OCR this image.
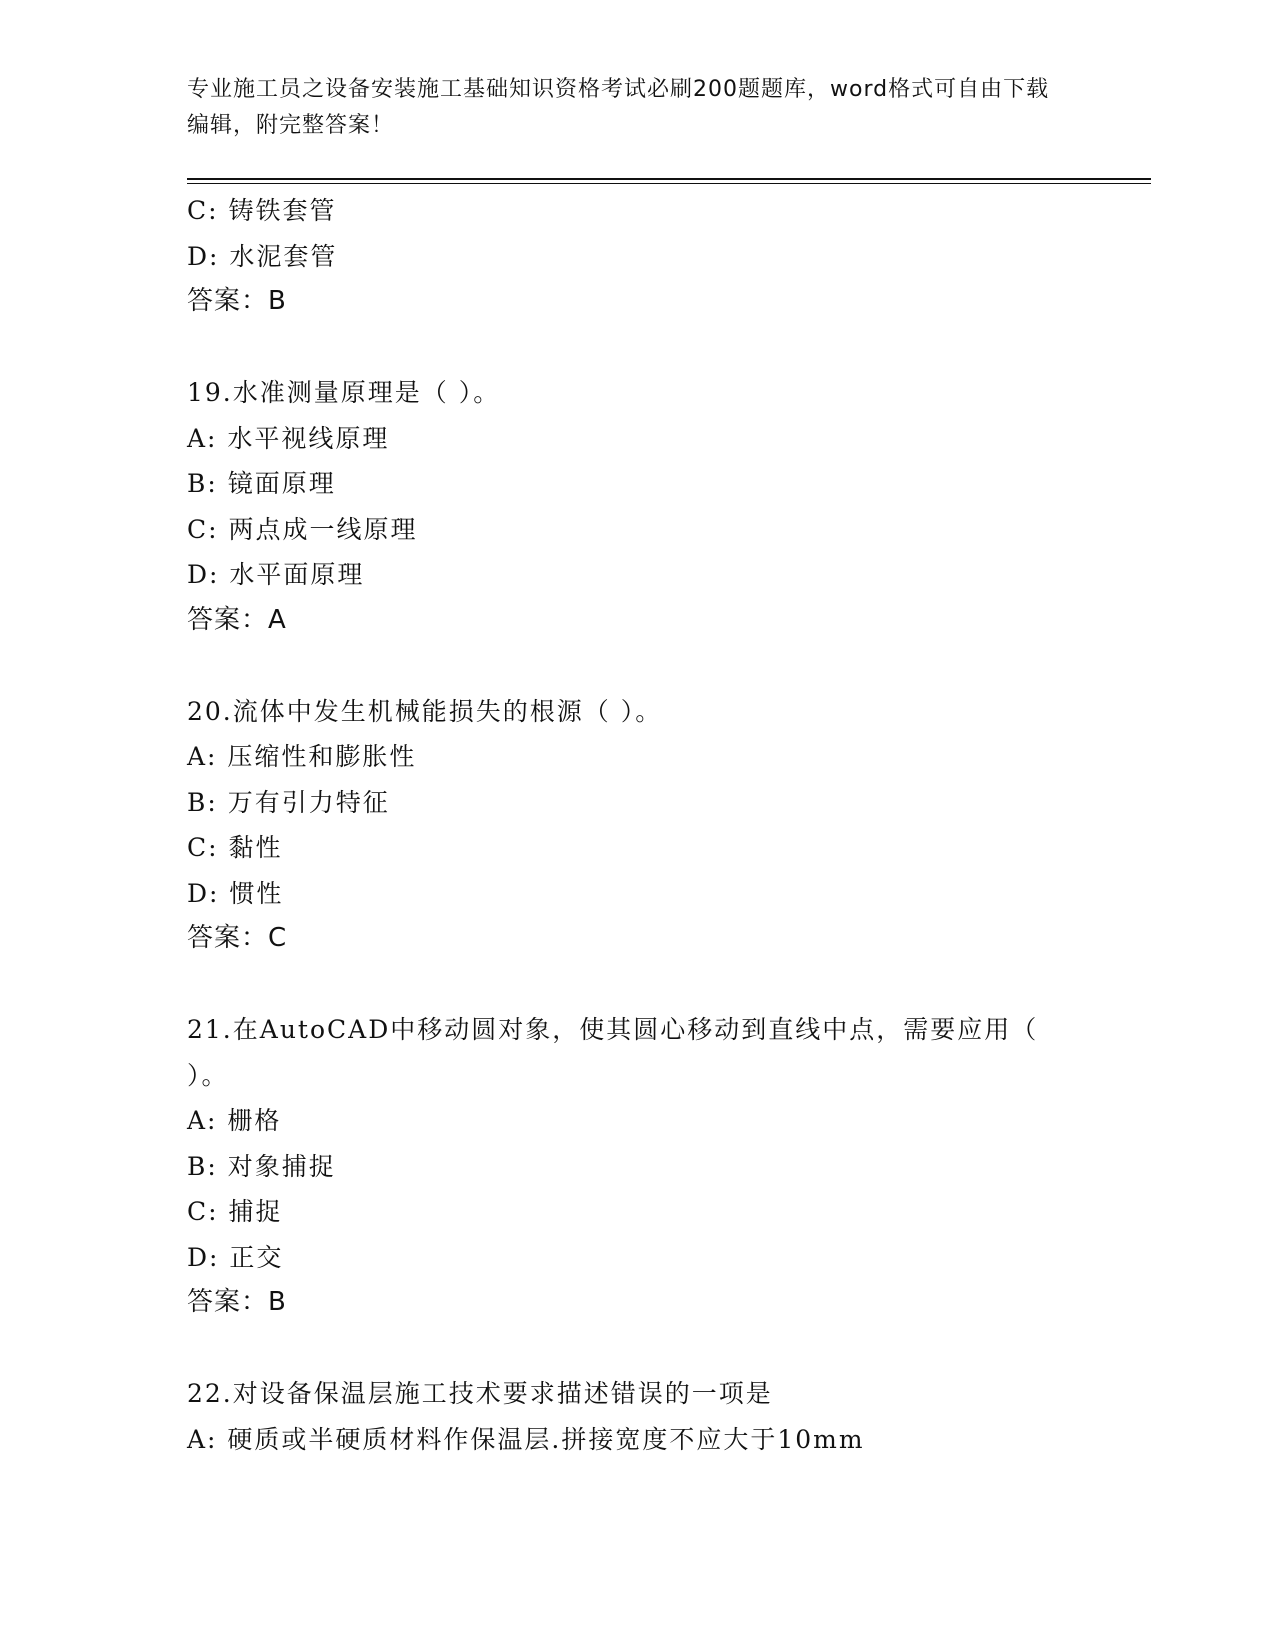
专业施工员之设备安装施工基础知识资格考试必刷200题题库，word格式可自由下载编辑，附完整答案！
C: 铸铁套管
D: 水泥套管
答案：B
19.水准测量原理是（ ）。
A: 水平视线原理
B: 镜面原理
C: 两点成一线原理
D: 水平面原理
答案：A
20.流体中发生机械能损失的根源（ ）。
A: 压缩性和膨胀性
B: 万有引力特征
C: 黏性
D: 惯性
答案：C
21.在AutoCAD中移动圆对象，使其圆心移动到直线中点，需要应用（ ）。
A: 栅格
B: 对象捕捉
C: 捕捉
D: 正交
答案：B
22.对设备保温层施工技术要求描述错误的一项是
A: 硬质或半硬质材料作保温层.拼接宽度不应大于10mm
